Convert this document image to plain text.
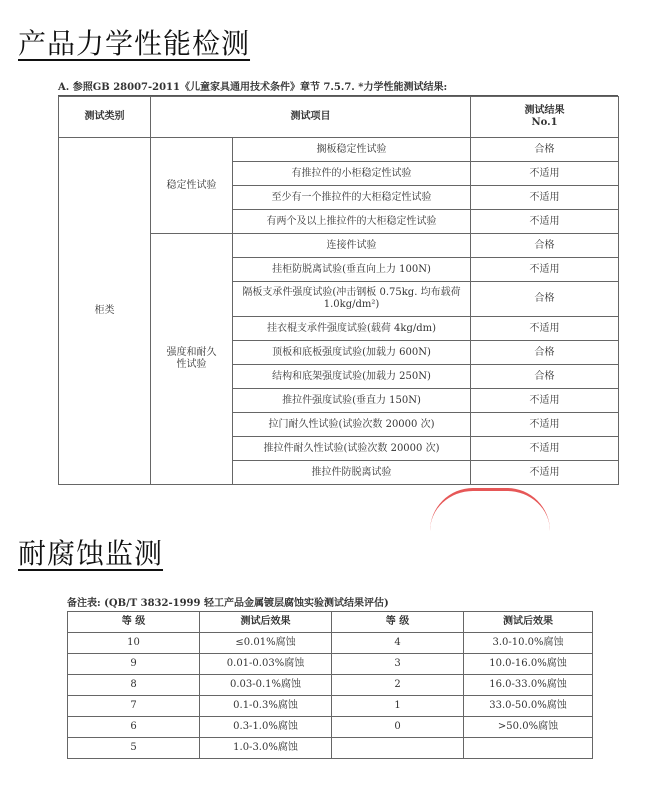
产品力学性能检测
A. 参照GB 28007-2011《儿童家具通用技术条件》章节 7.5.7. *力学性能测试结果:
测试类别	测试项目		测试结果
No.1

柜类	稳定性试验	搁板稳定性试验	合格
		有推拉件的小柜稳定性试验	不适用
		至少有一个推拉件的大柜稳定性试验	不适用
		有两个及以上推拉件的大柜稳定性试验	不适用
	强度和耐久性试验	连接件试验	合格
		挂柜防脱离试验(垂直向上力 100N)	不适用
		隔板支承件强度试验(冲击钢板 0.75kg. 均布载荷 1.0kg/dm²)	合格
		挂衣棍支承件强度试验(载荷 4kg/dm)	不适用
		顶板和底板强度试验(加载力 600N)	合格
		结构和底架强度试验(加载力 250N)	合格
		推拉件强度试验(垂直力 150N)	不适用
		拉门耐久性试验(试验次数 20000 次)	不适用
		推拉件耐久性试验(试验次数 20000 次)	不适用
		推拉件防脱离试验	不适用
耐腐蚀监测
备注表: (QB/T 3832-1999 轻工产品金属镀层腐蚀实验测试结果评估)
等 级	测试后效果	等 级	测试后效果
10	≤0.01%腐蚀	4	3.0-10.0%腐蚀
9	0.01-0.03%腐蚀	3	10.0-16.0%腐蚀
8	0.03-0.1%腐蚀	2	16.0-33.0%腐蚀
7	0.1-0.3%腐蚀	1	33.0-50.0%腐蚀
6	0.3-1.0%腐蚀	0	>50.0%腐蚀
5	1.0-3.0%腐蚀		
